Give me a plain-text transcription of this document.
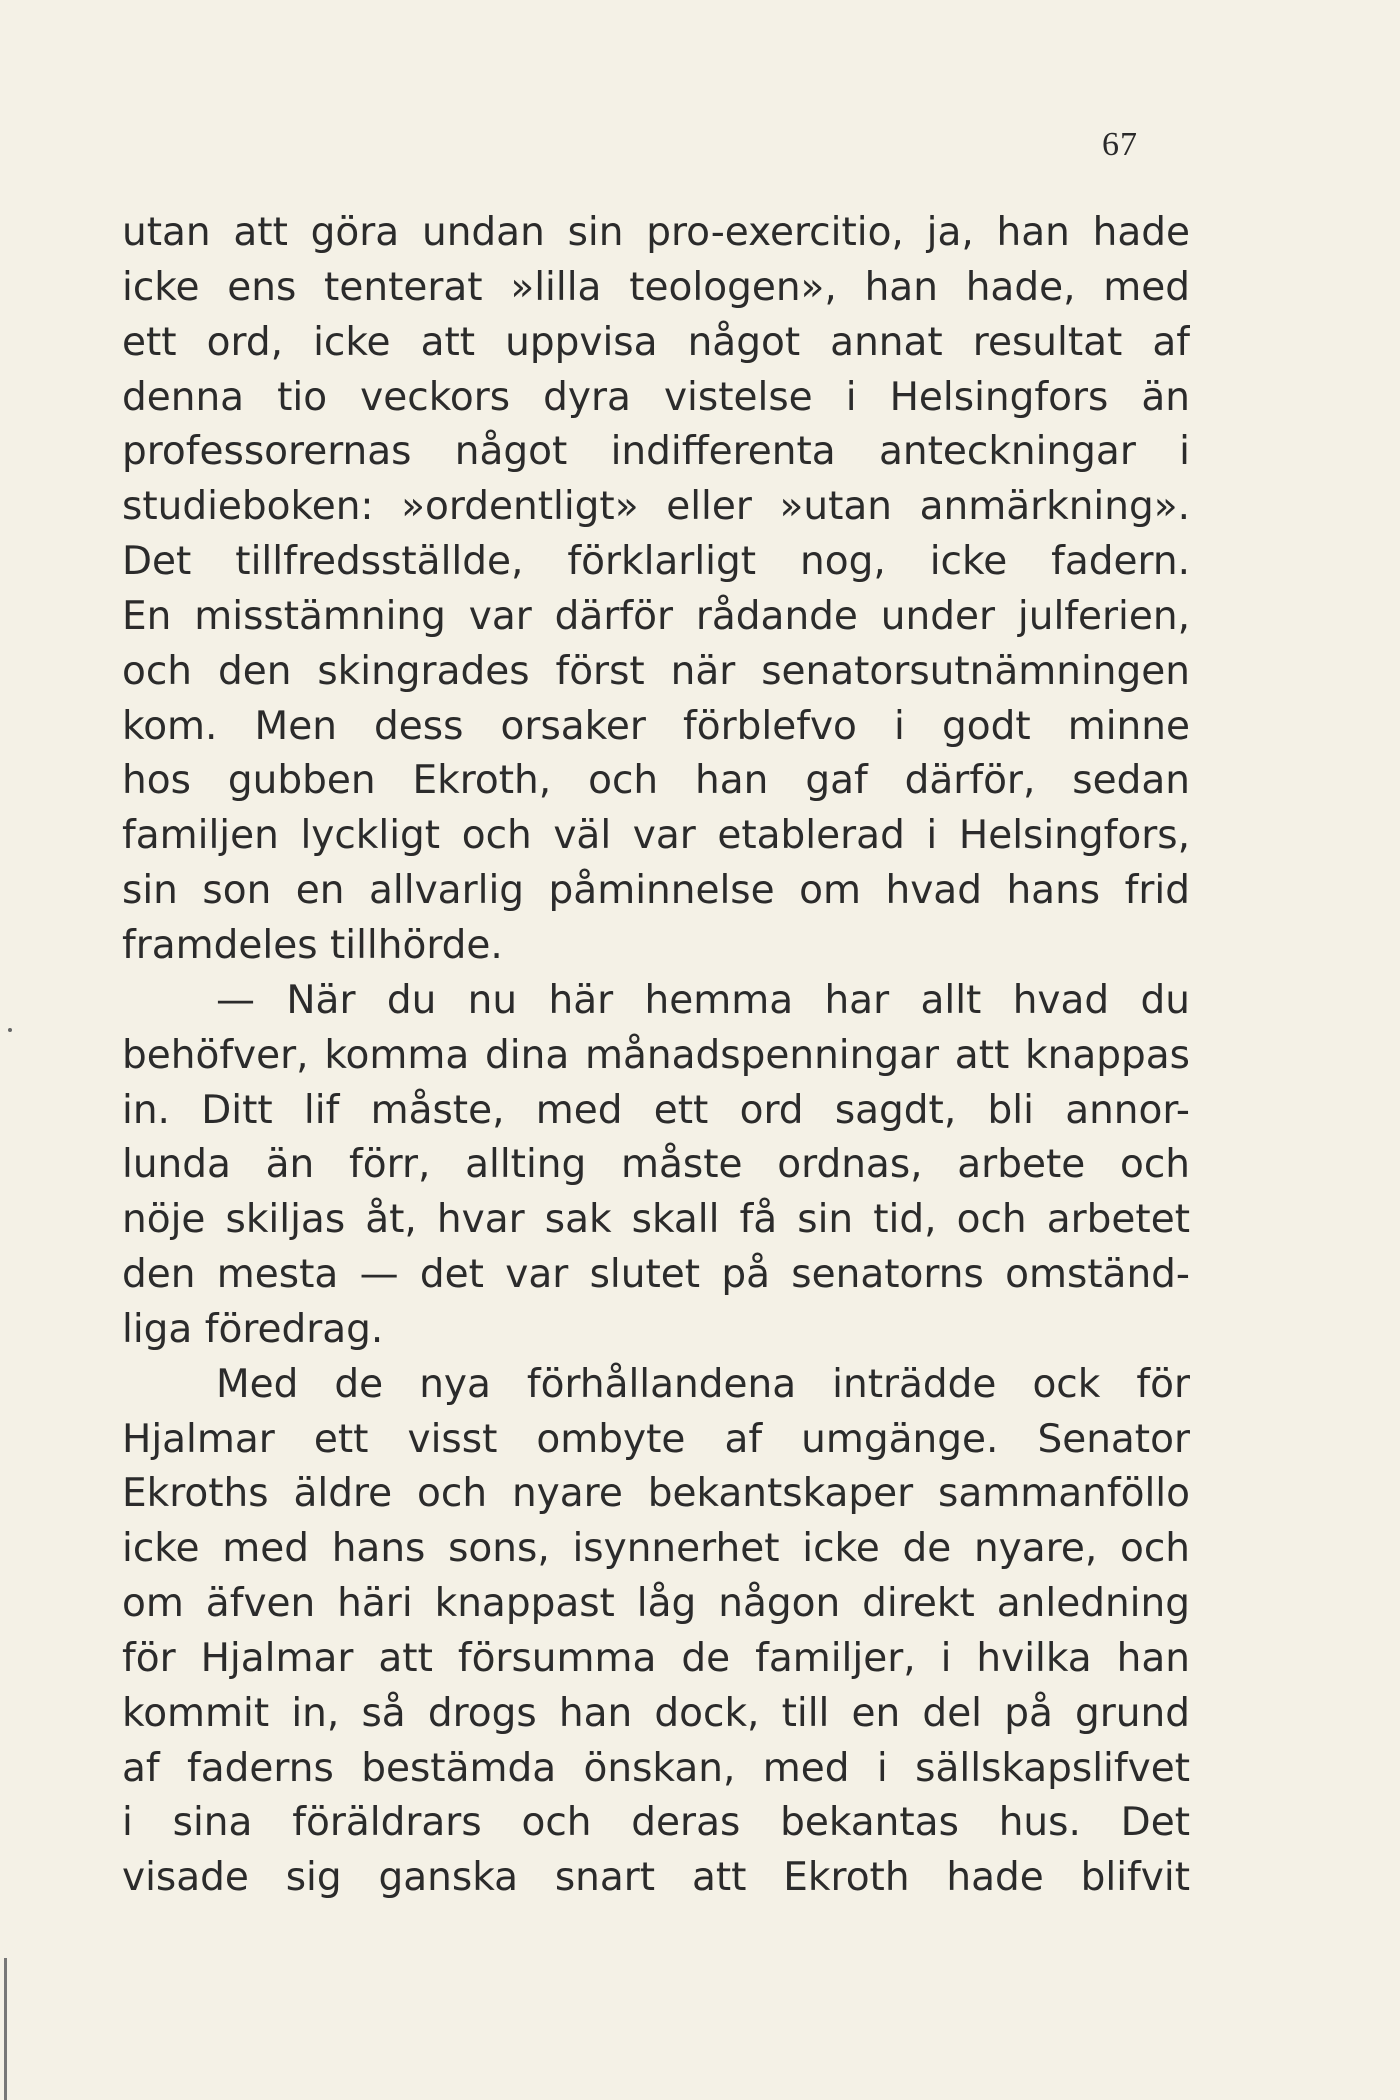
67
utan att göra undan sin pro-exercitio, ja, han hade
icke ens tenterat »lilla teologen», han hade, med
ett ord, icke att uppvisa något annat resultat af
denna tio veckors dyra vistelse i Helsingfors än
professorernas något indifferenta anteckningar i
studieboken: »ordentligt» eller »utan anmärkning».
Det tillfredsställde, förklarligt nog, icke fadern.
En misstämning var därför rådande under julferien,
och den skingrades först när senatorsutnämningen
kom. Men dess orsaker förblefvo i godt minne
hos gubben Ekroth, och han gaf därför, sedan
familjen lyckligt och väl var etablerad i Helsingfors,
sin son en allvarlig påminnelse om hvad hans frid
framdeles tillhörde.
— När du nu här hemma har allt hvad du
behöfver, komma dina månadspenningar att knappas
in. Ditt lif måste, med ett ord sagdt, bli annor-
lunda än förr, allting måste ordnas, arbete och
nöje skiljas åt, hvar sak skall få sin tid, och arbetet
den mesta — det var slutet på senatorns omständ-
liga föredrag.
Med de nya förhållandena inträdde ock för
Hjalmar ett visst ombyte af umgänge. Senator
Ekroths äldre och nyare bekantskaper sammanföllo
icke med hans sons, isynnerhet icke de nyare, och
om äfven häri knappast låg någon direkt anledning
för Hjalmar att försumma de familjer, i hvilka han
kommit in, så drogs han dock, till en del på grund
af faderns bestämda önskan, med i sällskapslifvet
i sina föräldrars och deras bekantas hus. Det
visade sig ganska snart att Ekroth hade blifvit
